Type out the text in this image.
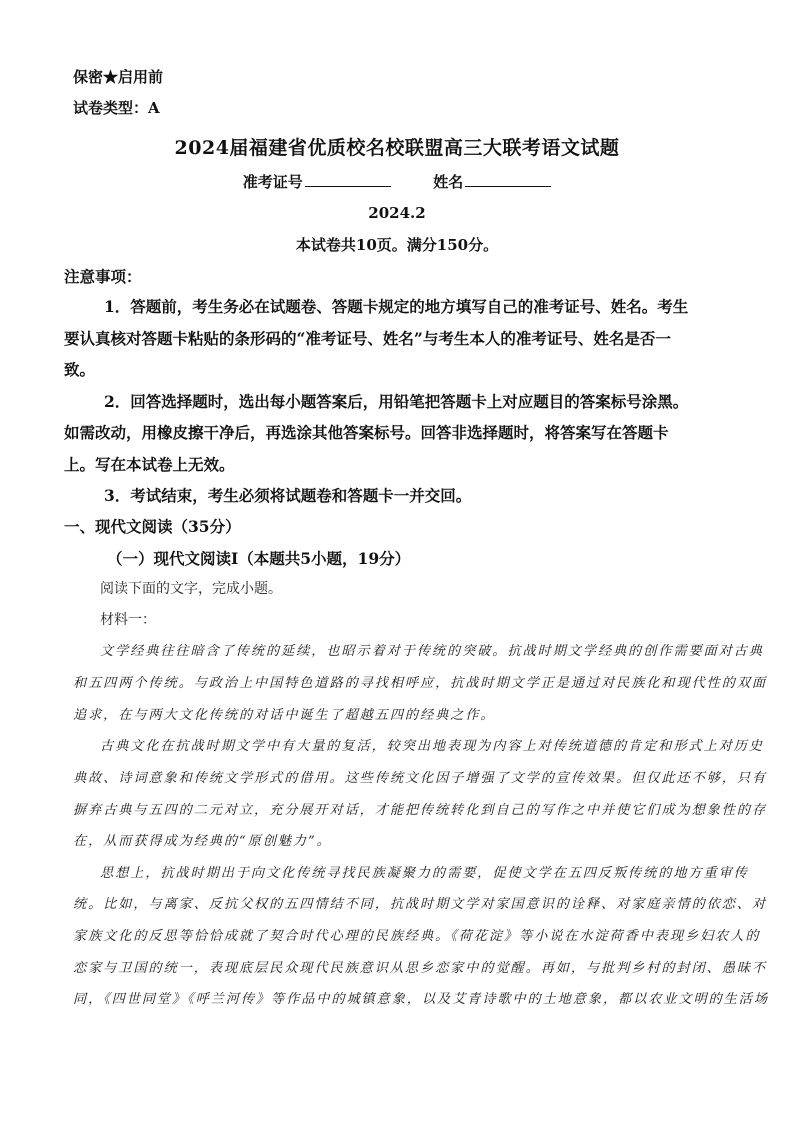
保密★启用前
试卷类型：A
2024届福建省优质校名校联盟高三大联考语文试题
准考证号	姓名
2024.2
本试卷共10页。满分150分。
注意事项：
1．答题前，考生务必在试题卷、答题卡规定的地方填写自己的准考证号、姓名。考生
要认真核对答题卡粘贴的条形码的“准考证号、姓名”与考生本人的准考证号、姓名是否一
致。
2．回答选择题时，选出每小题答案后，用铅笔把答题卡上对应题目的答案标号涂黑。
如需改动，用橡皮擦干净后，再选涂其他答案标号。回答非选择题时，将答案写在答题卡
上。写在本试卷上无效。
3．考试结束，考生必须将试题卷和答题卡一并交回。
一、现代文阅读（35分）
（一）现代文阅读Ⅰ（本题共5小题，19分）
阅读下面的文字，完成小题。
材料一：
文学经典往往暗含了传统的延续，也昭示着对于传统的突破。抗战时期文学经典的创作需要面对古典
和五四两个传统。与政治上中国特色道路的寻找相呼应，抗战时期文学正是通过对民族化和现代性的双面
追求，在与两大文化传统的对话中诞生了超越五四的经典之作。
古典文化在抗战时期文学中有大量的复活，较突出地表现为内容上对传统道德的肯定和形式上对历史
典故、诗词意象和传统文学形式的借用。这些传统文化因子增强了文学的宣传效果。但仅此还不够，只有
摒弃古典与五四的二元对立，充分展开对话，才能把传统转化到自己的写作之中并使它们成为想象性的存
在，从而获得成为经典的“原创魅力”。
思想上，抗战时期出于向文化传统寻找民族凝聚力的需要，促使文学在五四反叛传统的地方重审传
统。比如，与离家、反抗父权的五四情结不同，抗战时期文学对家国意识的诠释、对家庭亲情的依恋、对
家族文化的反思等恰恰成就了契合时代心理的民族经典。《荷花淀》等小说在水淀荷香中表现乡妇农人的
恋家与卫国的统一，表现底层民众现代民族意识从思乡恋家中的觉醒。再如，与批判乡村的封闭、愚昧不
同，《四世同堂》《呼兰河传》等作品中的城镇意象，以及艾青诗歌中的土地意象，都以农业文明的生活场
